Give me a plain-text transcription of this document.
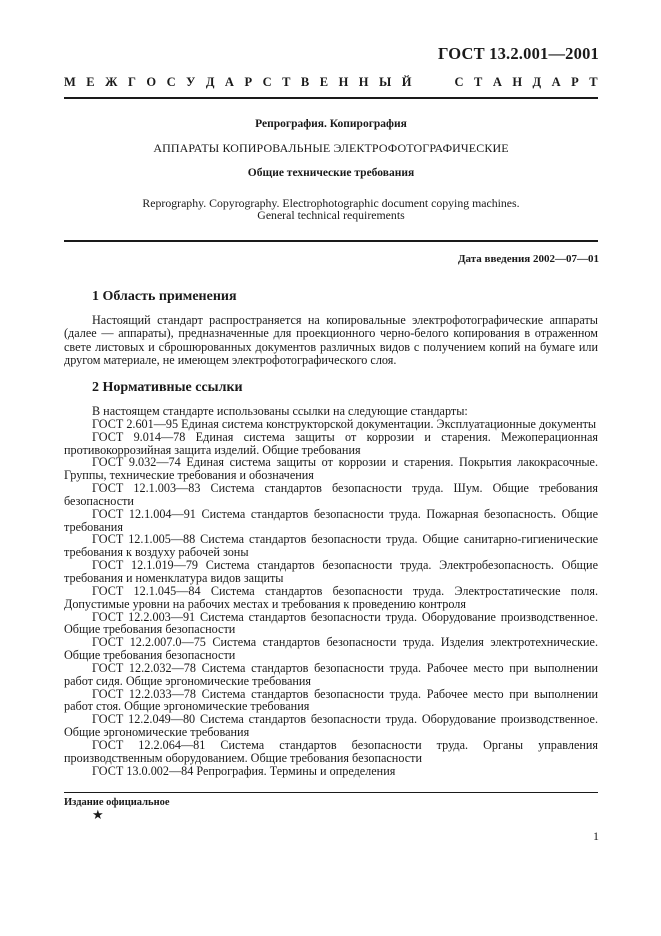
ГОСТ 13.2.001—2001
М Е Ж Г О С У Д А Р С Т В Е Н Н Ы Й	С Т А Н Д А Р Т
Репрография. Копирография
АППАРАТЫ КОПИРОВАЛЬНЫЕ ЭЛЕКТРОФОТОГРАФИЧЕСКИЕ
Общие технические требования
Reprography. Copyrography. Electrophotographic document copying machines.
General technical requirements
Дата введения 2002—07—01
1 Область применения
Настоящий стандарт распространяется на копировальные электрофотографические аппараты (далее — аппараты), предназначенные для проекционного черно-белого копирования в отраженном свете листовых и сброшюрованных документов различных видов с получением копий на бумаге или другом материале, не имеющем электрофотографического слоя.
2 Нормативные ссылки

В настоящем стандарте использованы ссылки на следующие стандарты:

ГОСТ 2.601—95 Единая система конструкторской документации. Эксплуатационные документы

ГОСТ 9.014—78 Единая система защиты от коррозии и старения. Межоперационная противокоррозийная защита изделий. Общие требования

ГОСТ 9.032—74 Единая система защиты от коррозии и старения. Покрытия лакокрасочные. Группы, технические требования и обозначения

ГОСТ 12.1.003—83 Система стандартов безопасности труда. Шум. Общие требования безопасности

ГОСТ 12.1.004—91 Система стандартов безопасности труда. Пожарная безопасность. Общие требования

ГОСТ 12.1.005—88 Система стандартов безопасности труда. Общие санитарно-гигиенические требования к воздуху рабочей зоны

ГОСТ 12.1.019—79 Система стандартов безопасности труда. Электробезопасность. Общие требования и номенклатура видов защиты

ГОСТ 12.1.045—84 Система стандартов безопасности труда. Электростатические поля. Допустимые уровни на рабочих местах и требования к проведению контроля

ГОСТ 12.2.003—91 Система стандартов безопасности труда. Оборудование производственное. Общие требования безопасности

ГОСТ 12.2.007.0—75 Система стандартов безопасности труда. Изделия электротехнические. Общие требования безопасности

ГОСТ 12.2.032—78 Система стандартов безопасности труда. Рабочее место при выполнении работ сидя. Общие эргономические требования

ГОСТ 12.2.033—78 Система стандартов безопасности труда. Рабочее место при выполнении работ стоя. Общие эргономические требования

ГОСТ 12.2.049—80 Система стандартов безопасности труда. Оборудование производственное. Общие эргономические требования

ГОСТ 12.2.064—81 Система стандартов безопасности труда. Органы управления производственным оборудованием. Общие требования безопасности

ГОСТ 13.0.002—84 Репрография. Термины и определения

Издание официальное
★
1
